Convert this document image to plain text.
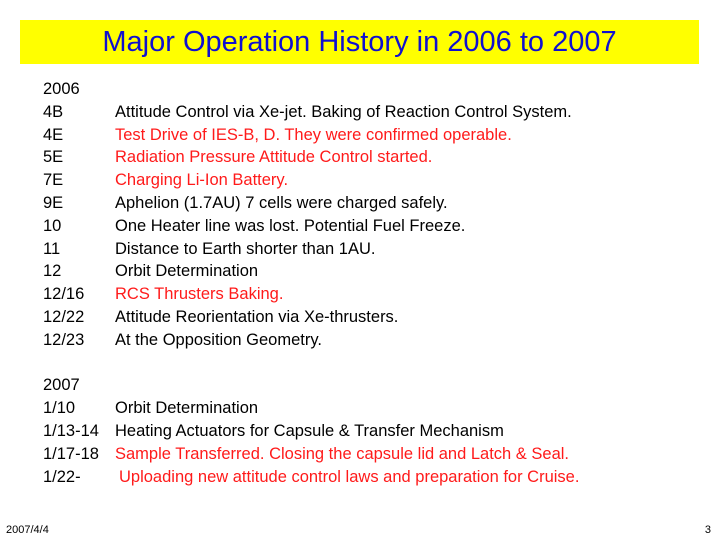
Major Operation History in 2006 to 2007
2006
4B	Attitude Control via Xe-jet. Baking of Reaction Control System.
4E	Test Drive of IES-B, D. They were confirmed operable.
5E	Radiation Pressure Attitude Control started.
7E	Charging Li-Ion Battery.
9E	Aphelion (1.7AU) 7 cells were charged safely.
10	One Heater line was lost. Potential Fuel Freeze.
11	Distance to Earth shorter than 1AU.
12	Orbit Determination
12/16 RCS Thrusters Baking.
12/22 Attitude Reorientation via Xe-thrusters.
12/23 At the Opposition Geometry.
2007
1/10 Orbit Determination
1/13-14 Heating Actuators for Capsule & Transfer Mechanism
1/17-18 Sample Transferred. Closing the capsule lid and Latch & Seal.
1/22- Uploading new attitude control laws and preparation for Cruise.
2007/4/4	3
